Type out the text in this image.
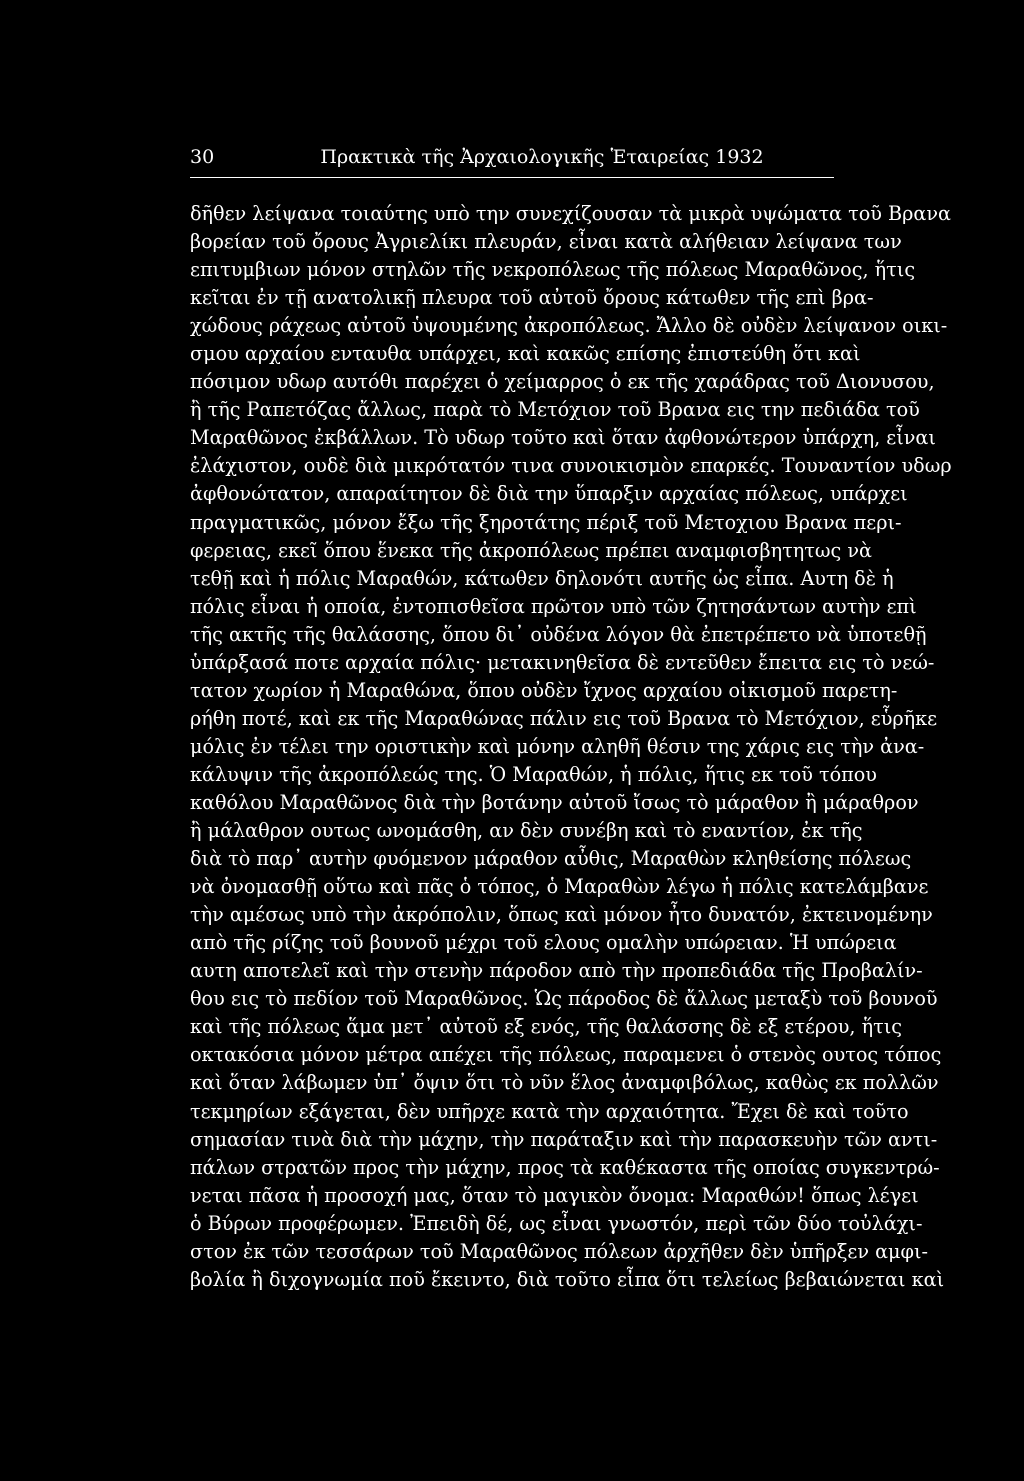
30	Πρακτικὰ τῆς Ἀρχαιολογικῆς Ἑταιρείας 1932
δῆθεν λείψανα τοιαύτης υπὸ την συνεχίζουσαν τὰ μικρὰ υψώματα τοῦ Βρανα
βορείαν τοῦ ὄρους Ἀγριελίκι πλευράν, εἶναι κατὰ αλήθειαν λείψανα των
επιτυμβιων μόνον στηλῶν τῆς νεκροπόλεως τῆς πόλεως Μαραθῶνος, ἥτις
κεῖται ἐν τῇ ανατολικῇ πλευρα τοῦ αὐτοῦ ὄρους κάτωθεν τῆς επὶ βρα-
χώδους ράχεως αὐτοῦ ὑψουμένης ἀκροπόλεως. Ἄλλο δὲ οὐδὲν λείψανον οικι-
σμου αρχαίου ενταυθα υπάρχει, καὶ κακῶς επίσης ἐπιστεύθη ὅτι καὶ
πόσιμον υδωρ αυτόθι παρέχει ὁ χείμαρρος ὁ εκ τῆς χαράδρας τοῦ Διονυσου,
ἢ τῆς Ραπετόζας ἄλλως, παρὰ τὸ Μετόχιον τοῦ Βρανα εις την πεδιάδα τοῦ
Μαραθῶνος ἐκβάλλων. Τὸ υδωρ τοῦτο καὶ ὅταν ἀφθονώτερον ὑπάρχη, εἶναι
ἐλάχιστον, ουδὲ διὰ μικρότατόν τινα συνοικισμὸν επαρκές. Τουναντίον υδωρ
ἀφθονώτατον, απαραίτητον δὲ διὰ την ὕπαρξιν αρχαίας πόλεως, υπάρχει
πραγματικῶς, μόνον ἔξω τῆς ξηροτάτης πέριξ τοῦ Μετοχιου Βρανα περι-
φερειας, εκεῖ ὅπου ἕνεκα τῆς ἀκροπόλεως πρέπει αναμφισβητητως νὰ
τεθῇ καὶ ἡ πόλις Μαραθών, κάτωθεν δηλονότι αυτῆς ὡς εἶπα. Αυτη δὲ ἡ
πόλις εἶναι ἡ οποία, ἐντοπισθεῖσα πρῶτον υπὸ τῶν ζητησάντων αυτὴν επὶ
τῆς ακτῆς τῆς θαλάσσης, ὅπου δι᾽ οὐδένα λόγον θὰ ἐπετρέπετο νὰ ὑποτεθῇ
ὑπάρξασά ποτε αρχαία πόλις· μετακινηθεῖσα δὲ εντεῦθεν ἔπειτα εις τὸ νεώ-
τατον χωρίον ἡ Μαραθώνα, ὅπου οὐδὲν ἴχνος αρχαίου οἰκισμοῦ παρετη-
ρήθη ποτέ, καὶ εκ τῆς Μαραθώνας πάλιν εις τοῦ Βρανα τὸ Μετόχιον, εὗρῆκε
μόλις ἐν τέλει την οριστικὴν καὶ μόνην αληθῆ θέσιν της χάρις εις τὴν ἀνα-
κάλυψιν τῆς ἀκροπόλεώς της. Ὁ Μαραθών, ἡ πόλις, ἥτις εκ τοῦ τόπου
καθόλου Μαραθῶνος διὰ τὴν βοτάνην αὐτοῦ ἴσως τὸ μάραθον ἢ μάραθρον
ἢ μάλαθρον ουτως ωνομάσθη, αν δὲν συνέβη καὶ τὸ εναντίον, ἐκ τῆς
διὰ τὸ παρ᾽ αυτὴν φυόμενον μάραθον αὖθις, Μαραθὼν κληθείσης πόλεως
νὰ ὀνομασθῇ οὕτω καὶ πᾶς ὁ τόπος, ὁ Μαραθὼν λέγω ἡ πόλις κατελάμβανε
τὴν αμέσως υπὸ τὴν ἀκρόπολιν, ὅπως καὶ μόνον ἦτο δυνατόν, ἐκτεινομένην
απὸ τῆς ρίζης τοῦ βουνοῦ μέχρι τοῦ ελους ομαλὴν υπώρειαν. Ἡ υπώρεια
αυτη αποτελεῖ καὶ τὴν στενὴν πάροδον απὸ τὴν προπεδιάδα τῆς Προβαλίν-
θου εις τὸ πεδίον τοῦ Μαραθῶνος. Ὡς πάροδος δὲ ἄλλως μεταξὺ τοῦ βουνοῦ
καὶ τῆς πόλεως ἅμα μετ᾽ αὐτοῦ εξ ενός, τῆς θαλάσσης δὲ εξ ετέρου, ἥτις
οκτακόσια μόνον μέτρα απέχει τῆς πόλεως, παραμενει ὁ στενὸς ουτος τόπος
καὶ ὅταν λάβωμεν ὑπ᾽ ὄψιν ὅτι τὸ νῦν ἕλος ἀναμφιβόλως, καθὼς εκ πολλῶν
τεκμηρίων εξάγεται, δὲν υπῆρχε κατὰ τὴν αρχαιότητα. Ἔχει δὲ καὶ τοῦτο
σημασίαν τινὰ διὰ τὴν μάχην, τὴν παράταξιν καὶ τὴν παρασκευὴν τῶν αντι-
πάλων στρατῶν προς τὴν μάχην, προς τὰ καθέκαστα τῆς οποίας συγκεντρώ-
νεται πᾶσα ἡ προσοχή μας, ὅταν τὸ μαγικὸν ὄνομα: Μαραθών! ὅπως λέγει
ὁ Βύρων προφέρωμεν. Ἐπειδὴ δέ, ως εἶναι γνωστόν, περὶ τῶν δύο τοὐλάχι-
στον ἐκ τῶν τεσσάρων τοῦ Μαραθῶνος πόλεων ἀρχῆθεν δὲν ὑπῆρξεν αμφι-
βολία ἢ διχογνωμία ποῦ ἔκειντο, διὰ τοῦτο εἶπα ὅτι τελείως βεβαιώνεται καὶ
